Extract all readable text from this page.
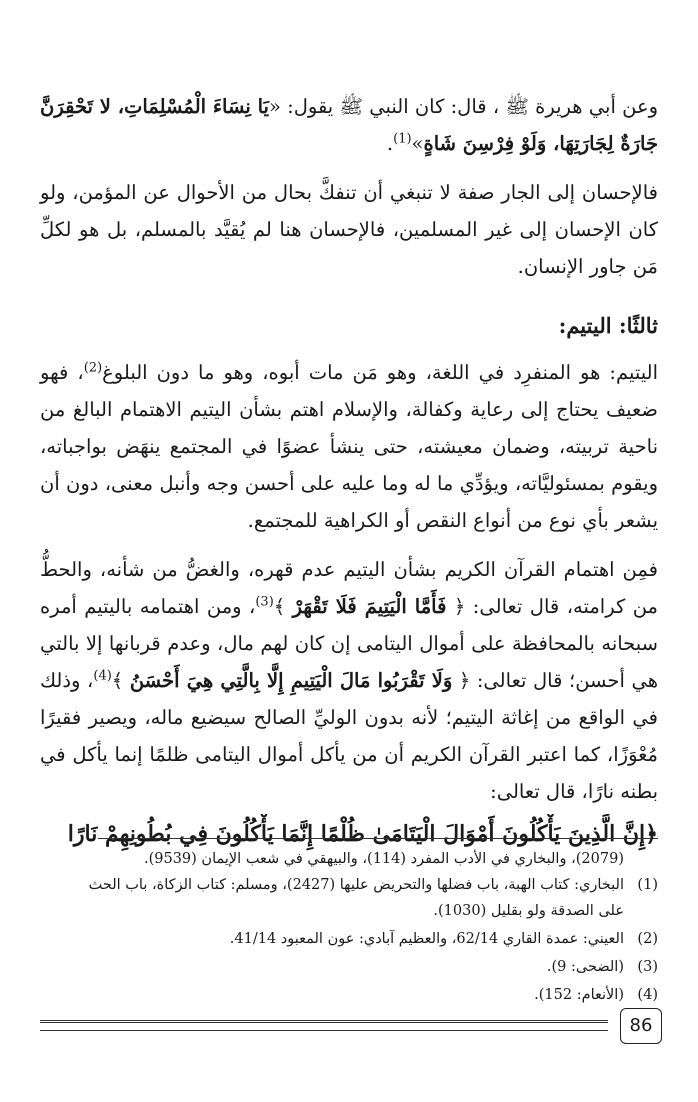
وعن أبي هريرة ﷺ ، قال: كان النبي ﷺ يقول: «يَا نِسَاءَ الْمُسْلِمَاتِ، لا تَحْقِرَنَّ جَارَةٌ لِجَارَتِهَا، وَلَوْ فِرْسِنَ شَاةٍ»$^{(1)}$.

فالإحسان إلى الجار صفة لا تنبغي أن تنفكَّ بحال من الأحوال عن المؤمن، ولو كان الإحسان إلى غير المسلمين، فالإحسان هنا لم يُقيَّد بالمسلم، بل هو لكلِّ مَن جاور الإنسان.

ثالثًا: اليتيم:

اليتيم: هو المنفرِد في اللغة، وهو مَن مات أبوه، وهو ما دون البلوغ$^{(2)}$، فهو ضعيف يحتاج إلى رعاية وكفالة، والإسلام اهتم بشأن اليتيم الاهتمام البالغ من ناحية تربيته، وضمان معيشته، حتى ينشأ عضوًا في المجتمع ينهَض بواجباته، ويقوم بمسئوليَّاته، ويؤدِّي ما له وما عليه على أحسن وجه وأنبل معنى، دون أن يشعر بأي نوع من أنواع النقص أو الكراهية للمجتمع.

فمِن اهتمام القرآن الكريم بشأن اليتيم عدم قهره، والغضُّ من شأنه، والحطُّ من كرامته، قال تعالى: ﴿ فَأَمَّا الْيَتِيمَ فَلَا تَقْهَرْ ﴾$^{(3)}$، ومن اهتمامه باليتيم أمره سبحانه بالمحافظة على أموال اليتامى إن كان لهم مال، وعدم قربانها إلا بالتي هي أحسن؛ قال تعالى: ﴿ وَلَا تَقْرَبُوا مَالَ الْيَتِيمِ إِلَّا بِالَّتِي هِيَ أَحْسَنُ ﴾$^{(4)}$، وذلك في الواقع من إغاثة اليتيم؛ لأنه بدون الوليِّ الصالح سيضيع ماله، ويصير فقيرًا مُعْوَزًا، كما اعتبر القرآن الكريم أن من يأكل أموال اليتامى ظلمًا إنما يأكل في بطنه نارًا، قال تعالى:

﴿إِنَّ الَّذِينَ يَأْكُلُونَ أَمْوَالَ الْيَتَامَىٰ ظُلْمًا إِنَّمَا يَأْكُلُونَ فِي بُطُونِهِمْ نَارًا
(2079)، والبخاري في الأدب المفرد (114)، والبيهقي في شعب الإيمان (9539).
(1)
البخاري: كتاب الهبة، باب فضلها والتحريض عليها (2427)، ومسلم: كتاب الزكاة، باب الحث
على الصدقة ولو بقليل (1030).
(2)
العيني: عمدة القاري 62/14، والعظيم آبادي: عون المعبود 41/14.
(3)
(الضحى: 9).
(4)
(الأنعام: 152).
86
